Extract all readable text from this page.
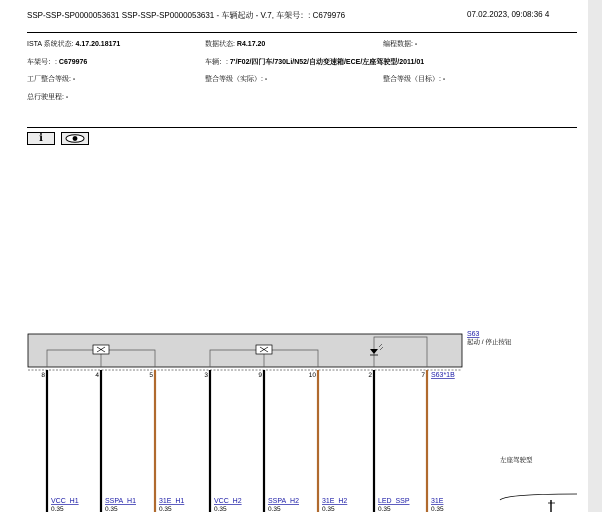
SSP-SSP-SP0000053631 SSP-SSP-SP0000053631 - 车辆起动 - V.7, 车架号：: C679976	07.02.2023, 09:08:36 4
ISTA 系统状态: 4.17.20.18171	数据状态: R4.17.20	编程数据: -
车架号：: C679976	车辆：: 7'/F02/四门车/730Li/N52/自动变速箱/ECE/左座驾驶型/2011/01
工厂整合等级: -	整合等级（实际）: -	整合等级（目标）: -
总行驶里程: -
i
S63
起动 / 停止按钮
S63*1B
8
VCC_H1
0.35
4
SSPA_H1
0.35
5
31E_H1
0.35
3
VCC_H2
0.35
9
SSPA_H2
0.35
10
31E_H2
0.35
2
LED_SSP
0.35
7
31E
0.35
左座驾驶型
